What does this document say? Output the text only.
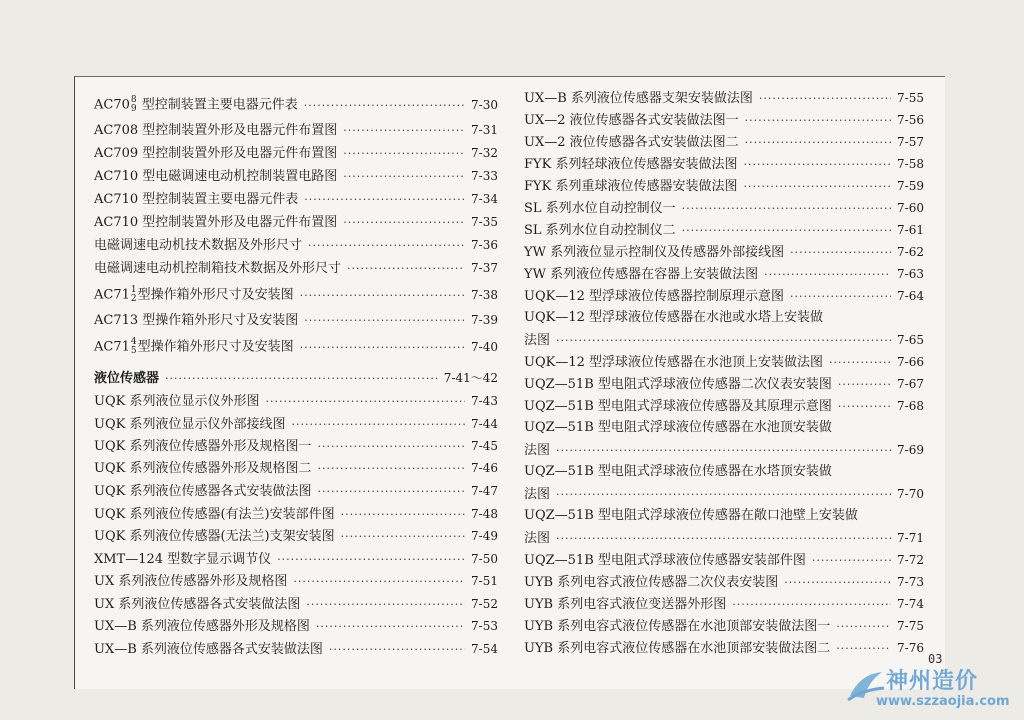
AC70 8
9 型控制装置主要电器元件表 ·····	7-30
AC708 型控制装置外形及电器元件布置图 ·····	7-31
AC709 型控制装置外形及电器元件布置图 ·····	7-32
AC710 型电磁调速电动机控制装置电路图 ·····	7-33
AC710 型控制装置主要电器元件表 ·····	7-34
AC710 型控制装置外形及电器元件布置图 ·····	7-35
电磁调速电动机技术数据及外形尺寸 ·····	7-36
电磁调速电动机控制箱技术数据及外形尺寸 ·····	7-37
AC71 1
2 型操作箱外形尺寸及安装图 ·····	7-38
AC713 型操作箱外形尺寸及安装图 ·····	7-39
AC71 4
5 型操作箱外形尺寸及安装图 ·····	7-40
液位传感器 ·····	7-41～42
UQK 系列液位显示仪外形图 ·····	7-43
UQK 系列液位显示仪外部接线图 ·····	7-44
UQK 系列液位传感器外形及规格图一 ·····	7-45
UQK 系列液位传感器外形及规格图二 ·····	7-46
UQK 系列液位传感器各式安装做法图 ·····	7-47
UQK 系列液位传感器(有法兰)安装部件图 ·····	7-48
UQK 系列液位传感器(无法兰)支架安装图 ·····	7-49
XMT—124 型数字显示调节仪 ·····	7-50
UX 系列液位传感器外形及规格图 ·····	7-51
UX 系列液位传感器各式安装做法图 ·····	7-52
UX—B 系列液位传感器外形及规格图 ·····	7-53
UX—B 系列液位传感器各式安装做法图 ·····	7-54
UX—B 系列液位传感器支架安装做法图 ·····	7-55
UX—2 液位传感器各式安装做法图一 ·····	7-56
UX—2 液位传感器各式安装做法图二 ·····	7-57
FYK 系列轻球液位传感器安装做法图 ·····	7-58
FYK 系列重球液位传感器安装做法图 ·····	7-59
SL 系列水位自动控制仪一 ·····	7-60
SL 系列水位自动控制仪二 ·····	7-61
YW 系列液位显示控制仪及传感器外部接线图 ·····	7-62
YW 系列液位传感器在容器上安装做法图 ·····	7-63
UQK—12 型浮球液位传感器控制原理示意图 ·····	7-64
UQK—12 型浮球液位传感器在水池或水塔上安装做
法图 ·····	7-65
UQK—12 型浮球液位传感器在水池顶上安装做法图 ·····	7-66
UQZ—51B 型电阻式浮球液位传感器二次仪表安装图 ·····	7-67
UQZ—51B 型电阻式浮球液位传感器及其原理示意图 ·····	7-68
UQZ—51B 型电阻式浮球液位传感器在水池顶安装做
法图 ·····	7-69
UQZ—51B 型电阻式浮球液位传感器在水塔顶安装做
法图 ·····	7-70
UQZ—51B 型电阻式浮球液位传感器在敞口池壁上安装做
法图 ·····	7-71
UQZ—51B 型电阻式浮球液位传感器安装部件图 ·····	7-72
UYB 系列电容式液位传感器二次仪表安装图 ·····	7-73
UYB 系列电容式液位变送器外形图 ·····	7-74
UYB 系列电容式液位传感器在水池顶部安装做法图一 ·····	7-75
UYB 系列电容式液位传感器在水池顶部安装做法图二 ·····	7-76
03
神州造价
www.szzaojia.com
